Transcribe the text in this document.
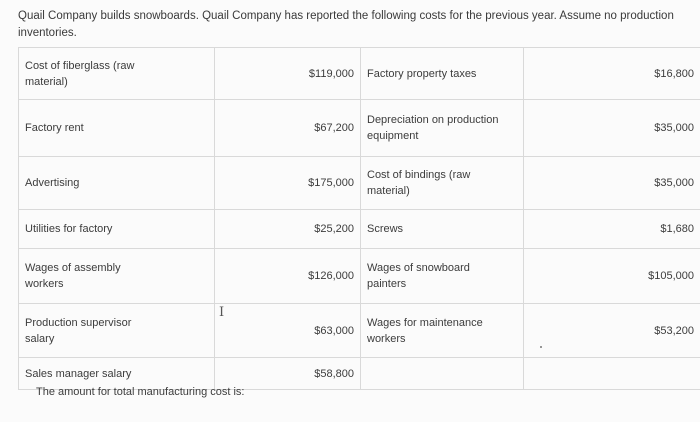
Quail Company builds snowboards. Quail Company has reported the following costs for the previous year. Assume no production inventories.
Cost of fiberglass (raw material)	$119,000	Factory property taxes	$16,800

Factory rent	$67,200	Depreciation on production equipment	$35,000

Advertising	$175,000	Cost of bindings (raw material)	$35,000

Utilities for factory	$25,200	Screws	$1,680

Wages of assembly workers	$126,000	Wages of snowboard painters	$105,000

Production supervisor salary	$63,000	Wages for maintenance workers	$53,200

Sales manager salary	$58,800	

I
The amount for total manufacturing cost is:
